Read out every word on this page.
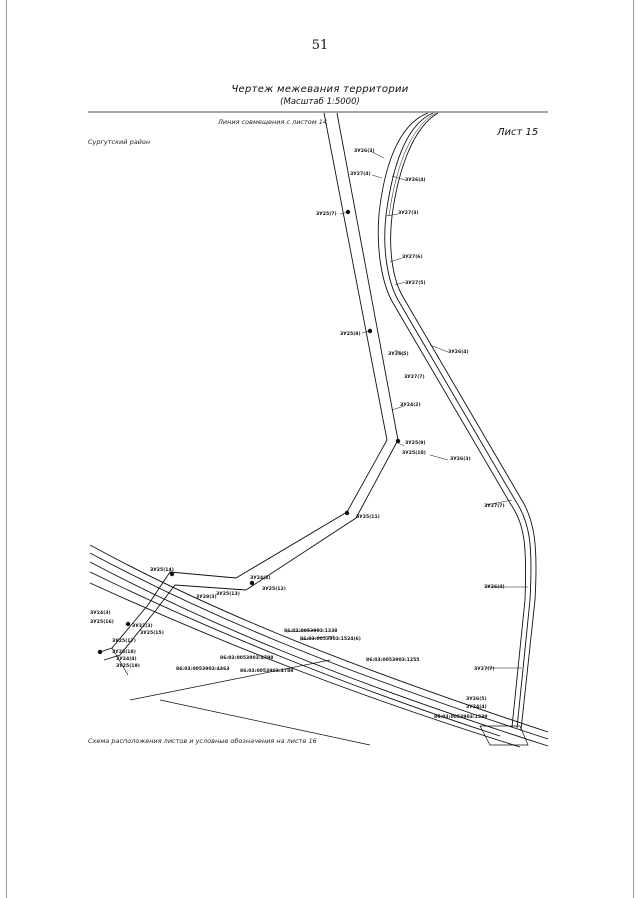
51
Чертеж межевания территории
(Масштаб 1:5000)
ЗУ26(3)
ЗУ27(4)
ЗУ26(4)
ЗУ25(7)	ЗУ27(3)
ЗУ27(6)
ЗУ27(5)
ЗУ25(8)
ЗУ26(5)	ЗУ26(4)
ЗУ27(7)
ЗУ24(2)
ЗУ25(9)
ЗУ25(10)
ЗУ26(3)
ЗУ25(11)
ЗУ27(7)
ЗУ25(14)
ЗУ24(2)
ЗУ25(13)
ЗУ25(12)
ЗУ28(3)
ЗУ26(4)
ЗУ24(3)
ЗУ25(16)
ЗУ25(15)
ЗУ32(3)
ЗУ25(17)
ЗУ25(18)
ЗУ24(4)
ЗУ25(19)
ЗУ27(7)
ЗУ26(5)
ЗУ24(4)
86:03:0053903:1338
86:03:0053903:1524(6)
86:03:0053903:1255
86:03:0053903:4788
86:03:0053903:4798
86:03:0053903:4463
86:03:0053903:1339
Линия совмещения с листом 14
Сургутский район
Лист 15
Схема расположения листов и условные обозначения на листе 16
